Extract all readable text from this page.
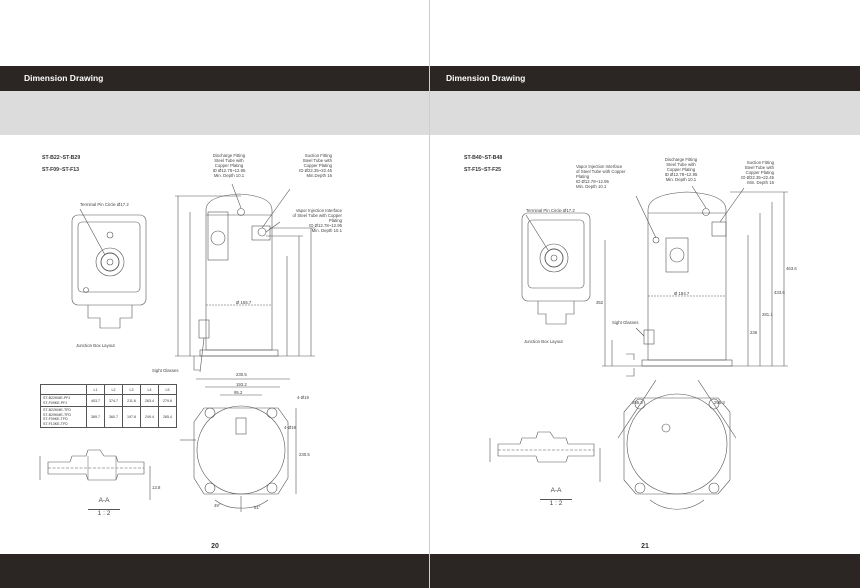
Dimension Drawing
ST-B22~ST-B29
ST-F09~ST-F13
Discharge Fitting
Steel Tube with
Copper Plating
ID Ø12.78~12.95
Min. Depth 10.1
Suction Fitting
Steel Tube with
Copper Plating
ID Ø22.35~22.45
Min.Depth 16
Vapor Injection Interface
of Steel Tube with Copper
Plating
ID Ø12.78~12.95
Min. Depth 10.1
Terminal Pin Circle Ø17.2
Junction Box Layout
Sight Glasses
230.5
193.2
95.2
Ø 165.7
4-Ø19
4-Ø19
230.5
49°	51°
13.8
	L1	L2	L3	L4	L5

ST-B22KME-PFJ
ST-F09KE-PFJ	403.7	374.7	211.6	263.4	279.6

ST-B22KME-TFD
ST-B29KME-TFD
ST-F09KE-TFD
ST-F13KE-TFD	389.7	360.7	197.6	249.4	265.4
A-A
1 : 2
20
Dimension Drawing
ST-B40~ST-B48
ST-F15~ST-F25
Vapor Injection Interface
of Steel Tube with Copper
Plating
ID Ø12.78~12.95
Min. Depth 10.1
Discharge Fitting
Steel Tube with
Copper Plating
ID Ø12.78~12.95
Min. Depth 10.1
Suction Fitting
Steel Tube with
Copper Plating
ID Ø22.35~22.45
Min. Depth 16
Terminal Pin Circle Ø17.2
Junction Box Layout
Sight Glasses
463.6
433.6
281.1
236
352
Ø 184.7
255.3	255.3
A-A
1 : 2
21
